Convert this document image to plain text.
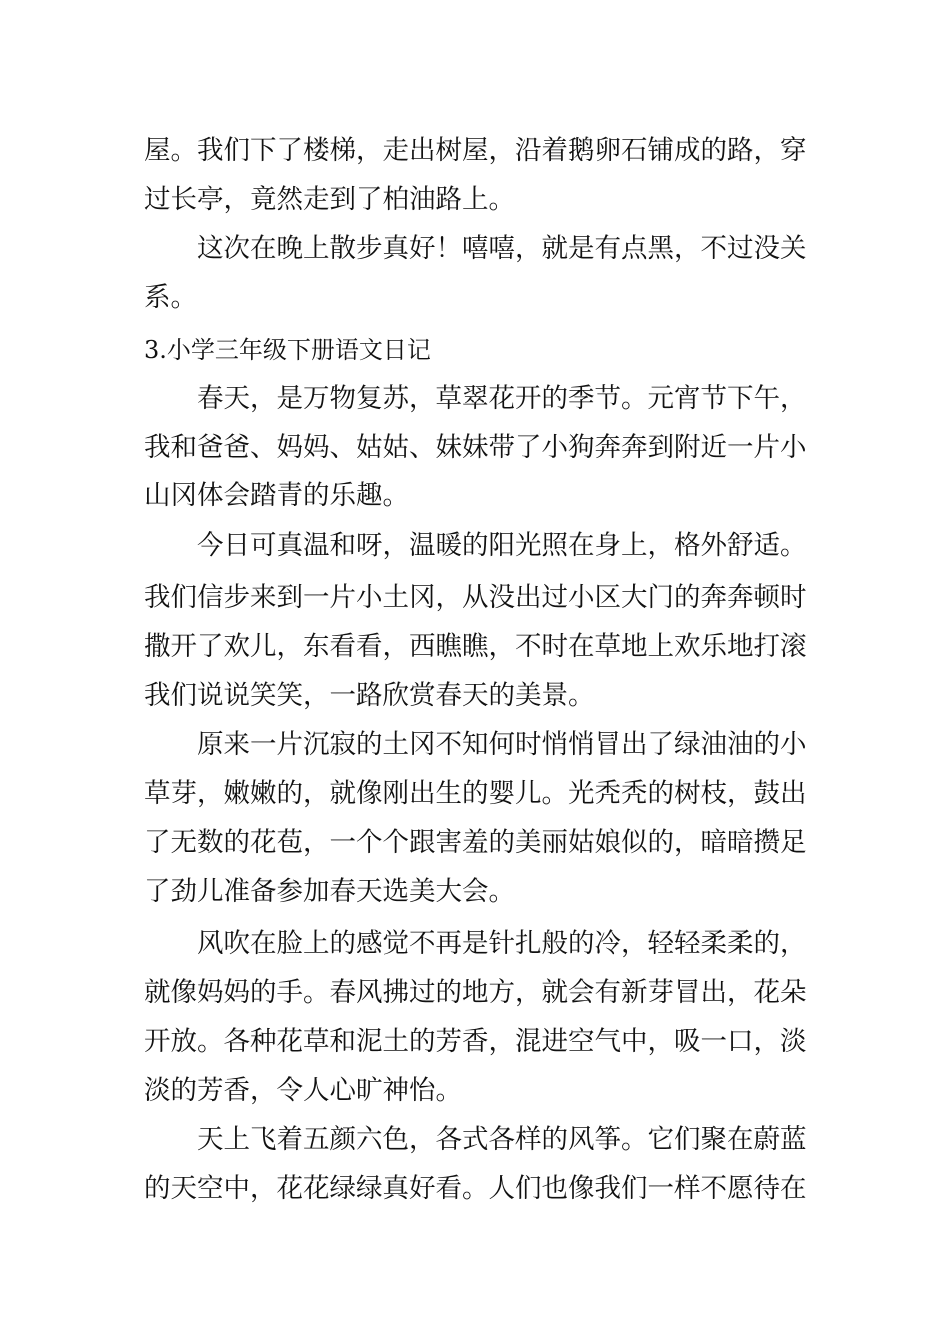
屋。我们下了楼梯，走出树屋，沿着鹅卵石铺成的路，穿
过长亭，竟然走到了柏油路上。
　　这次在晚上散步真好！嘻嘻，就是有点黑，不过没关
系。
3.小学三年级下册语文日记
　　春天，是万物复苏，草翠花开的季节。元宵节下午，
我和爸爸、妈妈、姑姑、妹妹带了小狗奔奔到附近一片小
山冈体会踏青的乐趣。
　　今日可真温和呀，温暖的阳光照在身上，格外舒适。
我们信步来到一片小土冈，从没出过小区大门的奔奔顿时
撒开了欢儿，东看看，西瞧瞧，不时在草地上欢乐地打滚
我们说说笑笑，一路欣赏春天的美景。
　　原来一片沉寂的土冈不知何时悄悄冒出了绿油油的小
草芽，嫩嫩的，就像刚出生的婴儿。光秃秃的树枝，鼓出
了无数的花苞，一个个跟害羞的美丽姑娘似的，暗暗攒足
了劲儿准备参加春天选美大会。
　　风吹在脸上的感觉不再是针扎般的冷，轻轻柔柔的，
就像妈妈的手。春风拂过的地方，就会有新芽冒出，花朵
开放。各种花草和泥土的芳香，混进空气中，吸一口，淡
淡的芳香，令人心旷神怡。
　　天上飞着五颜六色，各式各样的风筝。它们聚在蔚蓝
的天空中，花花绿绿真好看。人们也像我们一样不愿待在
